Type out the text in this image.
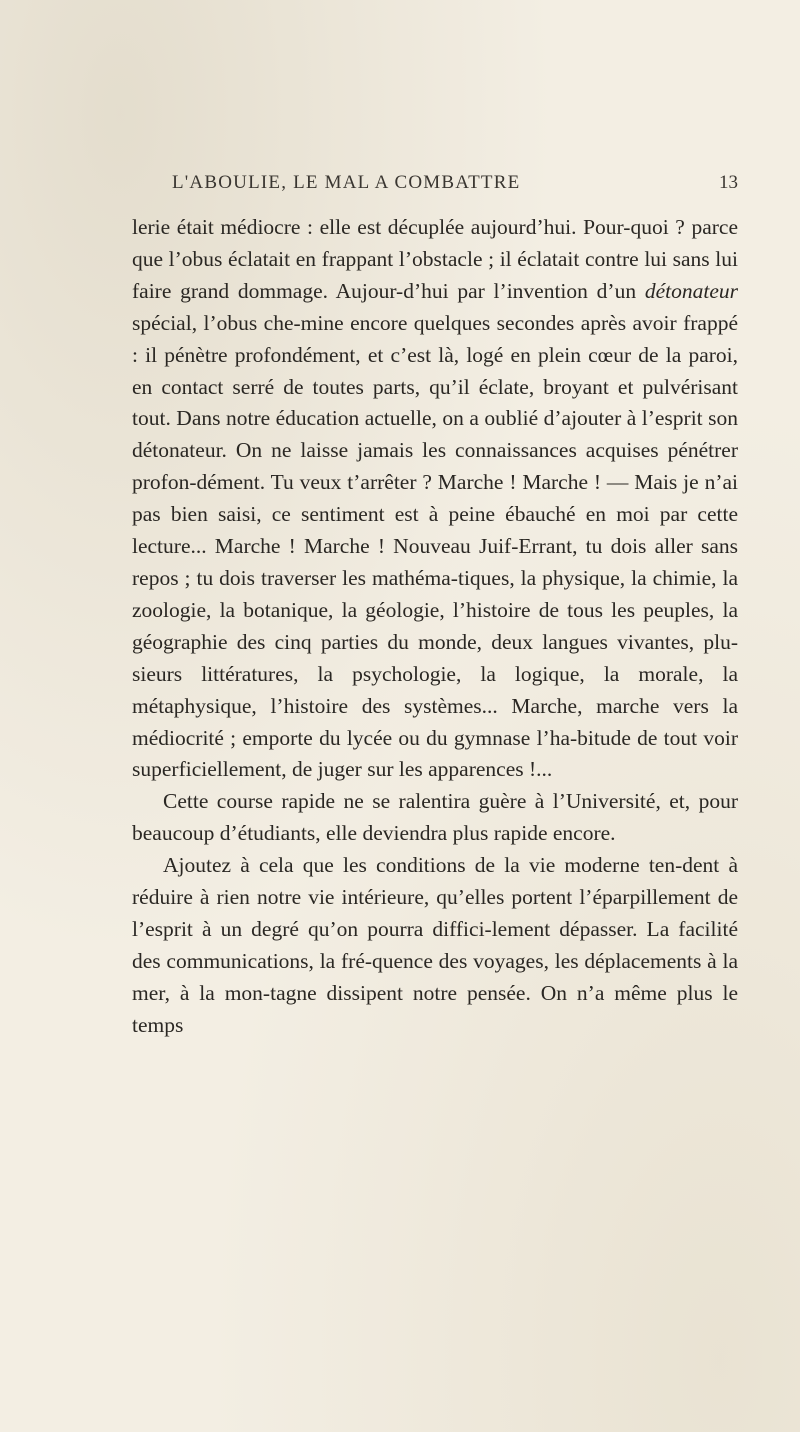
L'ABOULIE, LE MAL A COMBATTRE	13

lerie était médiocre : elle est décuplée aujourd’hui. Pour-quoi ? parce que l’obus éclatait en frappant l’obstacle ; il éclatait contre lui sans lui faire grand dommage. Aujour-d’hui par l’invention d’un détonateur spécial, l’obus che-mine encore quelques secondes après avoir frappé : il pénètre profondément, et c’est là, logé en plein cœur de la paroi, en contact serré de toutes parts, qu’il éclate, broyant et pulvérisant tout. Dans notre éducation actuelle, on a oublié d’ajouter à l’esprit son détonateur. On ne laisse jamais les connaissances acquises pénétrer profon-dément. Tu veux t’arrêter ? Marche ! Marche ! — Mais je n’ai pas bien saisi, ce sentiment est à peine ébauché en moi par cette lecture... Marche ! Marche ! Nouveau Juif-Errant, tu dois aller sans repos ; tu dois traverser les mathéma-tiques, la physique, la chimie, la zoologie, la botanique, la géologie, l’histoire de tous les peuples, la géographie des cinq parties du monde, deux langues vivantes, plu-sieurs littératures, la psychologie, la logique, la morale, la métaphysique, l’histoire des systèmes... Marche, marche vers la médiocrité ; emporte du lycée ou du gymnase l’ha-bitude de tout voir superficiellement, de juger sur les apparences !...

Cette course rapide ne se ralentira guère à l’Université, et, pour beaucoup d’étudiants, elle deviendra plus rapide encore.

Ajoutez à cela que les conditions de la vie moderne ten-dent à réduire à rien notre vie intérieure, qu’elles portent l’éparpillement de l’esprit à un degré qu’on pourra diffici-lement dépasser. La facilité des communications, la fré-quence des voyages, les déplacements à la mer, à la mon-tagne dissipent notre pensée. On n’a même plus le temps
